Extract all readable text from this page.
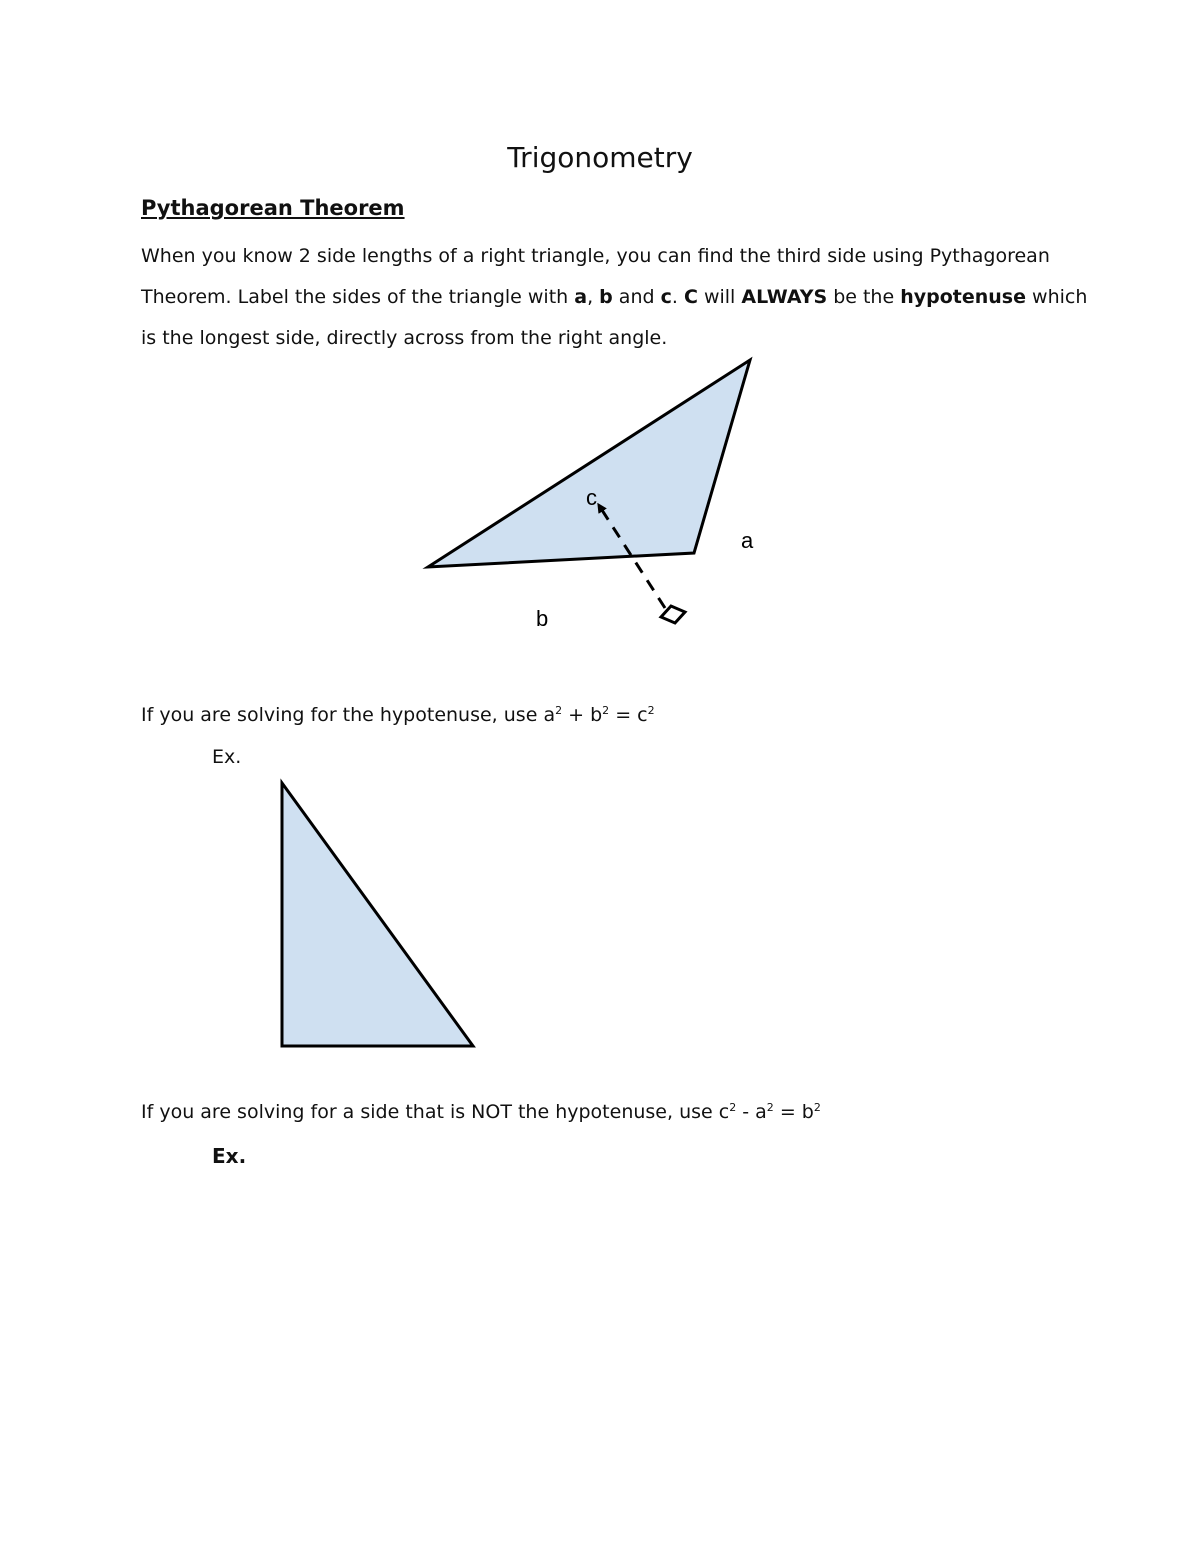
Trigonometry
Pythagorean Theorem

When you know 2 side lengths of a right triangle, you can find the third side using Pythagorean Theorem. Label the sides of the triangle with a, b and c. C will ALWAYS be the hypotenuse which is the longest side, directly across from the right angle.

c
a
b
If you are solving for the hypotenuse, use $a^2 + b^2 = c^2$
Ex.
If you are solving for a side that is NOT the hypotenuse, use $c^2 - a^2 = b^2$
Ex.
